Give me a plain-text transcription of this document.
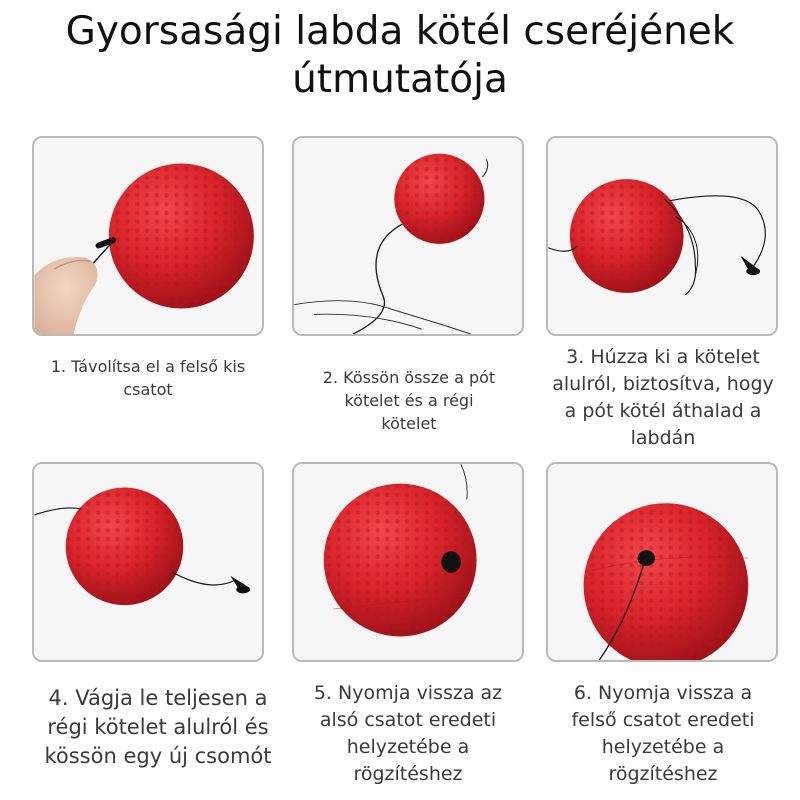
Gyorsasági labda kötél cseréjének
útmutatója
1. Távolítsa el a felső kis csatot
2. Kössön össze a pót kötelet és a régi kötelet
3. Húzza ki a kötelet alulról, biztosítva, hogy a pót kötél áthalad a labdán
4. Vágja le teljesen a régi kötelet alulról és kössön egy új csomót
5. Nyomja vissza az alsó csatot eredeti helyzetébe a rögzítéshez
6. Nyomja vissza a felső csatot eredeti helyzetébe a rögzítéshez
